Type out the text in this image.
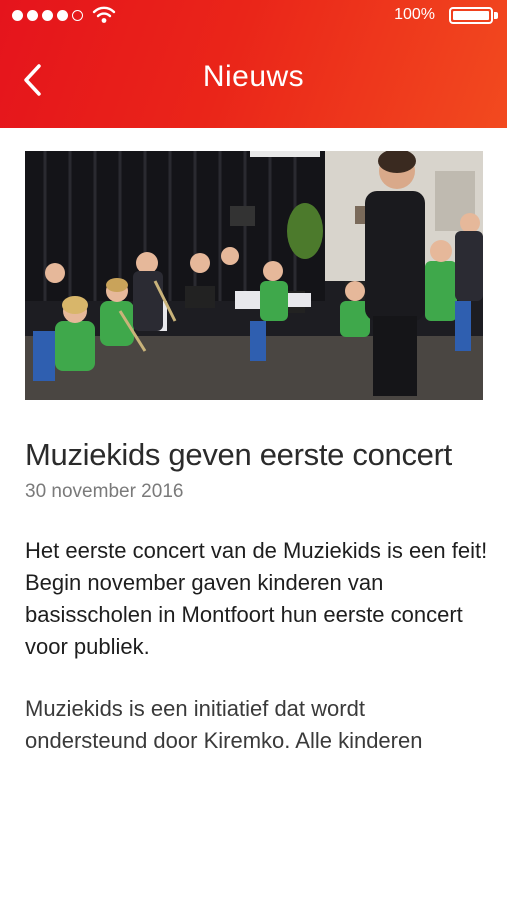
100%
Nieuws
Muziekids geven eerste concert
30 november 2016

Het eerste concert van de Muziekids is een feit! Begin november gaven kinderen van basisscholen in Montfoort hun eerste concert voor publiek.

Muziekids is een initiatief dat wordt ondersteund door Kiremko. Alle kinderen
